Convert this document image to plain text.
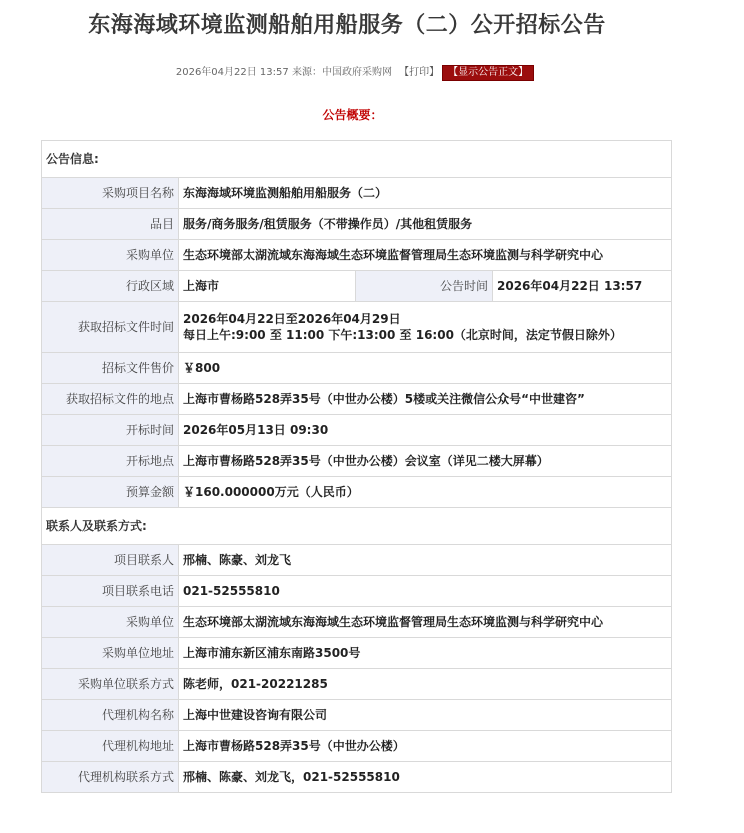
东海海域环境监测船舶用船服务（二）公开招标公告
2026年04月22日 13:57 来源：中国政府采购网 【打印】 【显示公告正文】
公告概要：
公告信息:			
采购项目名称	东海海域环境监测船舶用船服务（二）		
品目	服务/商务服务/租赁服务（不带操作员）/其他租赁服务		
采购单位	生态环境部太湖流域东海海域生态环境监督管理局生态环境监测与科学研究中心		
行政区域	上海市	公告时间	2026年04月22日 13:57
获取招标文件时间	2026年04月22日至2026年04月29日
每日上午:9:00 至 11:00 下午:13:00 至 16:00（北京时间，法定节假日除外）		

招标文件售价	￥800		
获取招标文件的地点	上海市曹杨路528弄35号（中世办公楼）5楼或关注微信公众号“中世建咨”		
开标时间	2026年05月13日 09:30		
开标地点	上海市曹杨路528弄35号（中世办公楼）会议室（详见二楼大屏幕）		
预算金额	￥160.000000万元（人民币）		
联系人及联系方式:			
项目联系人	邢楠、陈豪、刘龙飞		
项目联系电话	021-52555810		
采购单位	生态环境部太湖流域东海海域生态环境监督管理局生态环境监测与科学研究中心		
采购单位地址	上海市浦东新区浦东南路3500号		
采购单位联系方式	陈老师，021-20221285		
代理机构名称	上海中世建设咨询有限公司		
代理机构地址	上海市曹杨路528弄35号（中世办公楼）		
代理机构联系方式	邢楠、陈豪、刘龙飞，021-52555810		
